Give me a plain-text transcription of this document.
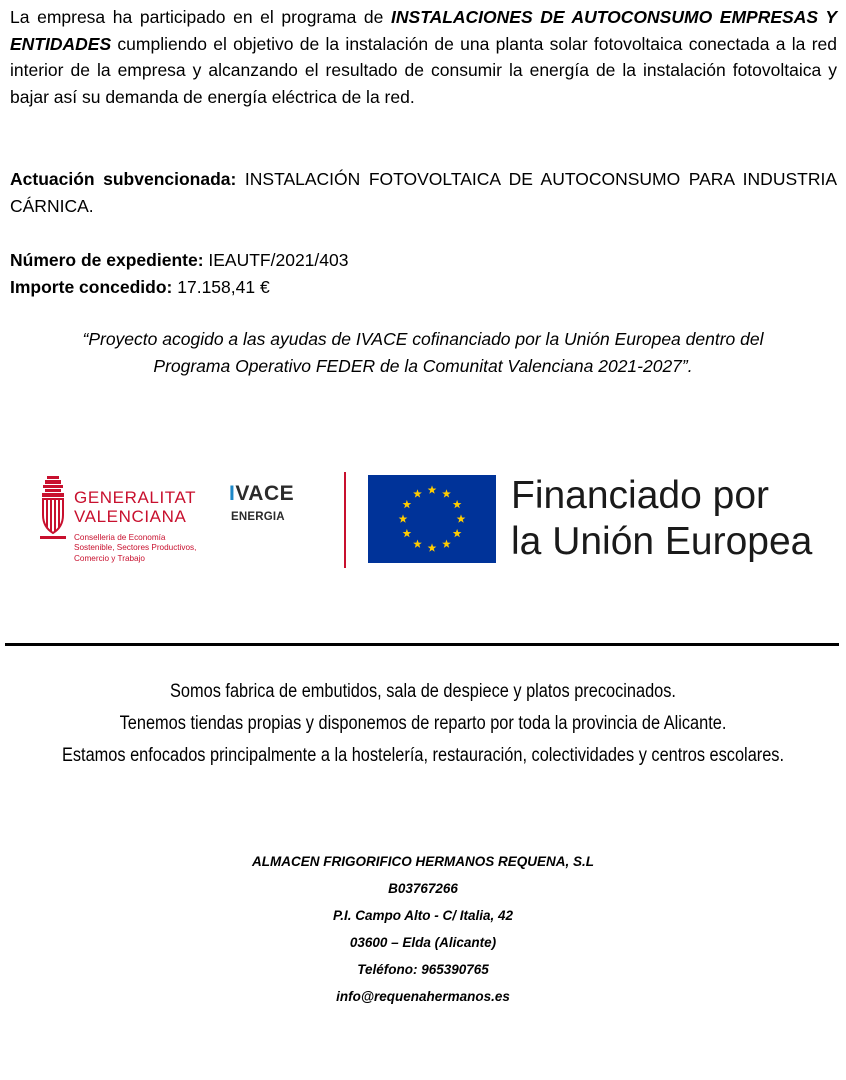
La empresa ha participado en el programa de INSTALACIONES DE AUTOCONSUMO EMPRESAS Y ENTIDADES cumpliendo el objetivo de la instalación de una planta solar fotovoltaica conectada a la red interior de la empresa y alcanzando el resultado de consumir la energía de la instalación fotovoltaica y bajar así su demanda de energía eléctrica de la red.
Actuación subvencionada: INSTALACIÓN FOTOVOLTAICA DE AUTOCONSUMO PARA INDUSTRIA CÁRNICA.
Número de expediente: IEAUTF/2021/403
Importe concedido: 17.158,41 €
“Proyecto acogido a las ayudas de IVACE cofinanciado por la Unión Europea dentro del
Programa Operativo FEDER de la Comunitat Valenciana 2021-2027”.
GENERALITAT
VALENCIANA
Conselleria de Economía
Sostenible, Sectores Productivos,
Comercio y Trabajo
IVACE
ENERGIA	Financiado por
la Unión Europea
Somos fabrica de embutidos, sala de despiece y platos precocinados.
Tenemos tiendas propias y disponemos de reparto por toda la provincia de Alicante.
Estamos enfocados principalmente a la hostelería, restauración, colectividades y centros escolares.
ALMACEN FRIGORIFICO HERMANOS REQUENA, S.L
B03767266
P.I. Campo Alto - C/ Italia, 42
03600 – Elda (Alicante)
Teléfono: 965390765
info@requenahermanos.es
